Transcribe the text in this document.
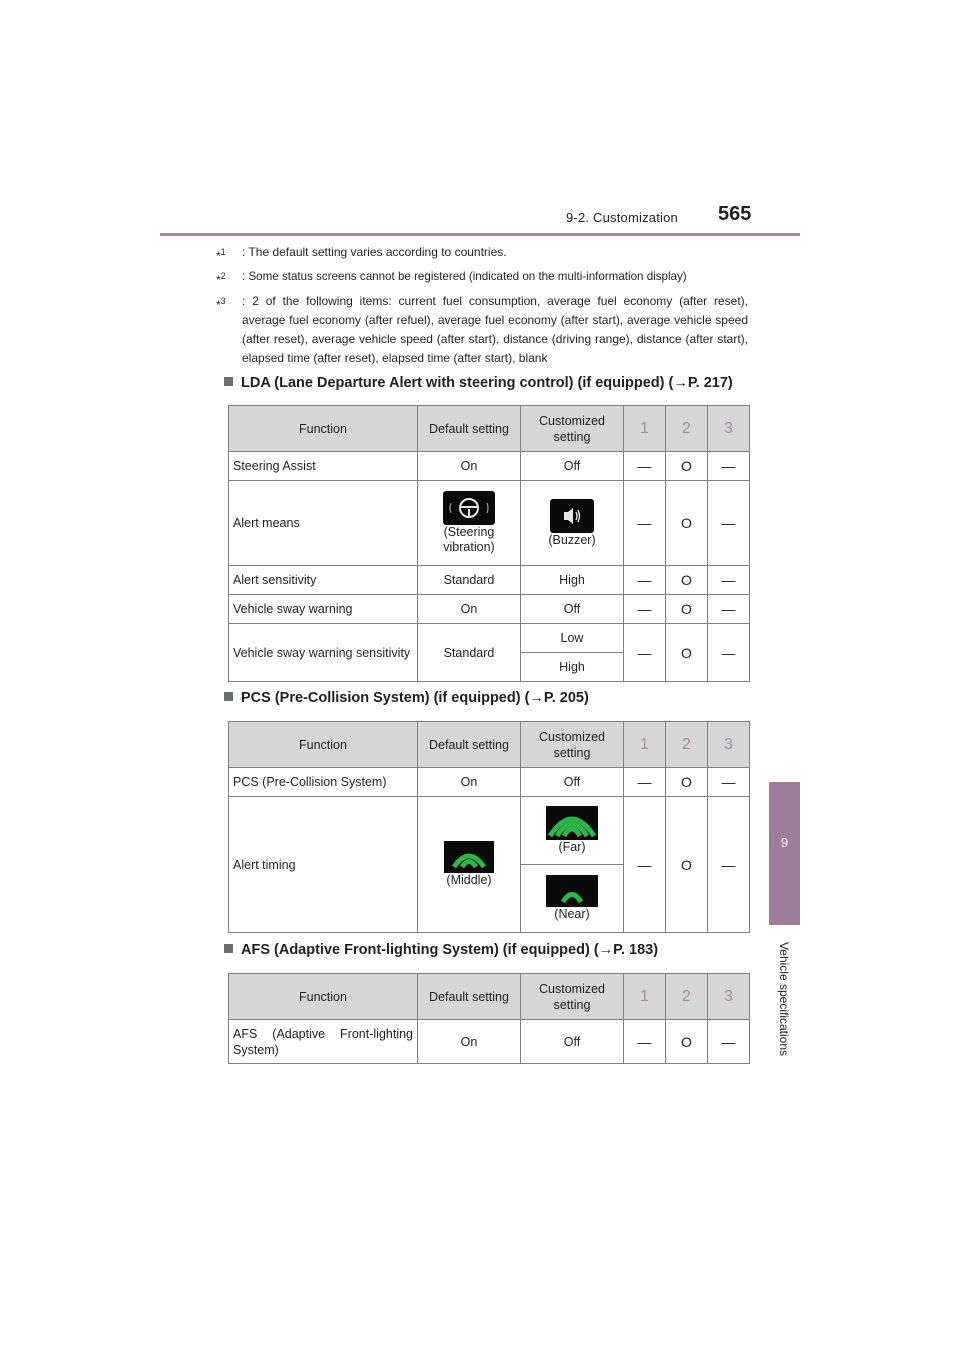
9-2. Customization 565
9
Vehicle specifications
*$^1$	: The default setting varies according to countries.
*$^2$	: Some status screens cannot be registered (indicated on the multi-information display)
*$^3$	: 2 of the following items: current fuel consumption, average fuel economy (after reset), average fuel economy (after refuel), average fuel economy (after start), average vehicle speed (after reset), average vehicle speed (after start), distance (driving range), distance (after start), elapsed time (after reset), elapsed time (after start), blank
LDA (Lane Departure Alert with steering control) (if equipped) (→P. 217)
Function	Default setting	Customized setting	1	2	3
Steering Assist	On	Off	—	O	—
Alert means	(Steering vibration)	(Buzzer)	—	O	—
Alert sensitivity	Standard	High	—	O	—
Vehicle sway warning	On	Off	—	O	—
Vehicle sway warning sensitivity	Standard	Low	—	O	—
		High			
PCS (Pre-Collision System) (if equipped) (→P. 205)
Function	Default setting	Customized setting	1	2	3
PCS (Pre-Collision System)	On	Off	—	O	—
Alert timing	(Middle)	(Far)	—	O	—

		(Near)			
AFS (Adaptive Front-lighting System) (if equipped) (→P. 183)
Function	Default setting	Customized setting	1	2	3
AFS (Adaptive Front-lighting System)	On	Off	—	O	—
